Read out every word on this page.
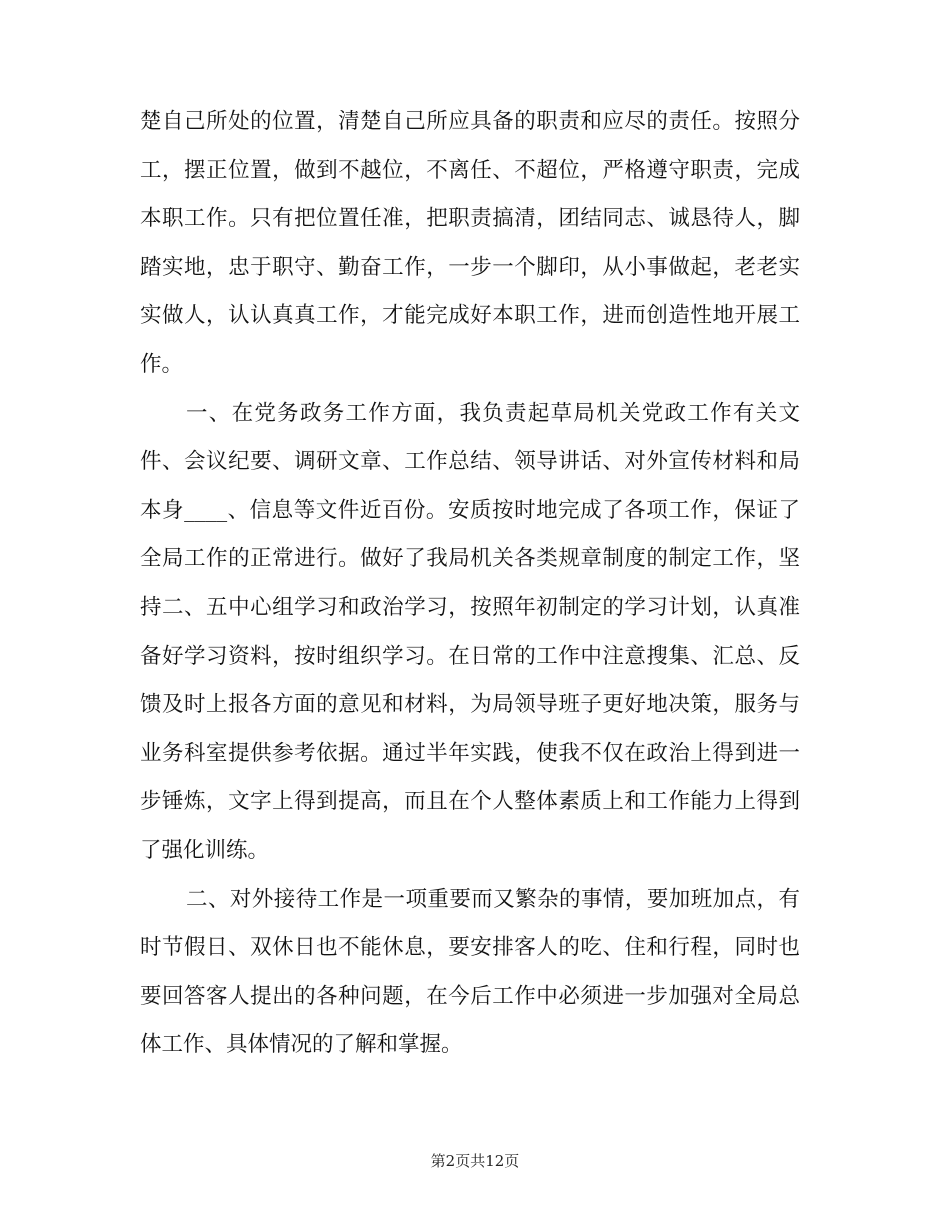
楚自己所处的位置，清楚自己所应具备的职责和应尽的责任。按照分
工，摆正位置，做到不越位，不离任、不超位，严格遵守职责，完成
本职工作。只有把位置任准，把职责搞清，团结同志、诚恳待人，脚
踏实地，忠于职守、勤奋工作，一步一个脚印，从小事做起，老老实
实做人，认认真真工作，才能完成好本职工作，进而创造性地开展工
作。
一、在党务政务工作方面，我负责起草局机关党政工作有关文
件、会议纪要、调研文章、工作总结、领导讲话、对外宣传材料和局
本身____、信息等文件近百份。安质按时地完成了各项工作，保证了
全局工作的正常进行。做好了我局机关各类规章制度的制定工作，坚
持二、五中心组学习和政治学习，按照年初制定的学习计划，认真准
备好学习资料，按时组织学习。在日常的工作中注意搜集、汇总、反
馈及时上报各方面的意见和材料，为局领导班子更好地决策，服务与
业务科室提供参考依据。通过半年实践，使我不仅在政治上得到进一
步锤炼，文字上得到提高，而且在个人整体素质上和工作能力上得到
了强化训练。
二、对外接待工作是一项重要而又繁杂的事情，要加班加点，有
时节假日、双休日也不能休息，要安排客人的吃、住和行程，同时也
要回答客人提出的各种问题，在今后工作中必须进一步加强对全局总
体工作、具体情况的了解和掌握。
第2页共12页
